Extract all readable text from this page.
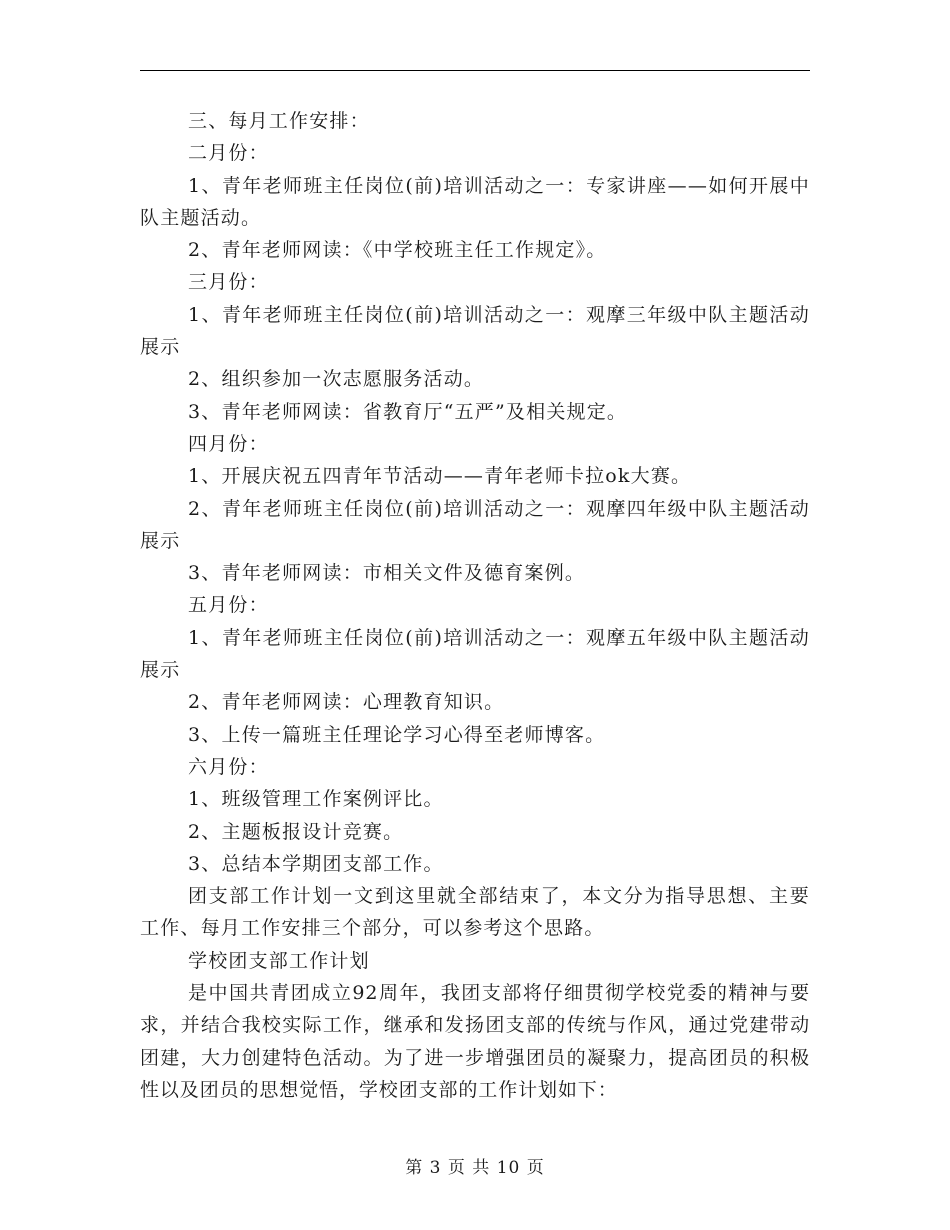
三、每月工作安排：

二月份：

1、青年老师班主任岗位(前)培训活动之一：专家讲座——如何开展中队主题活动。

2、青年老师网读：《中学校班主任工作规定》。

三月份：

1、青年老师班主任岗位(前)培训活动之一：观摩三年级中队主题活动展示

2、组织参加一次志愿服务活动。

3、青年老师网读：省教育厅“五严”及相关规定。

四月份：

1、开展庆祝五四青年节活动——青年老师卡拉ok大赛。

2、青年老师班主任岗位(前)培训活动之一：观摩四年级中队主题活动展示

3、青年老师网读：市相关文件及德育案例。

五月份：

1、青年老师班主任岗位(前)培训活动之一：观摩五年级中队主题活动展示

2、青年老师网读：心理教育知识。

3、上传一篇班主任理论学习心得至老师博客。

六月份：

1、班级管理工作案例评比。

2、主题板报设计竞赛。

3、总结本学期团支部工作。

团支部工作计划一文到这里就全部结束了，本文分为指导思想、主要工作、每月工作安排三个部分，可以参考这个思路。

学校团支部工作计划

是中国共青团成立92周年，我团支部将仔细贯彻学校党委的精神与要求，并结合我校实际工作，继承和发扬团支部的传统与作风，通过党建带动团建，大力创建特色活动。为了进一步增强团员的凝聚力，提高团员的积极性以及团员的思想觉悟，学校团支部的工作计划如下：

第 3 页 共 10 页
